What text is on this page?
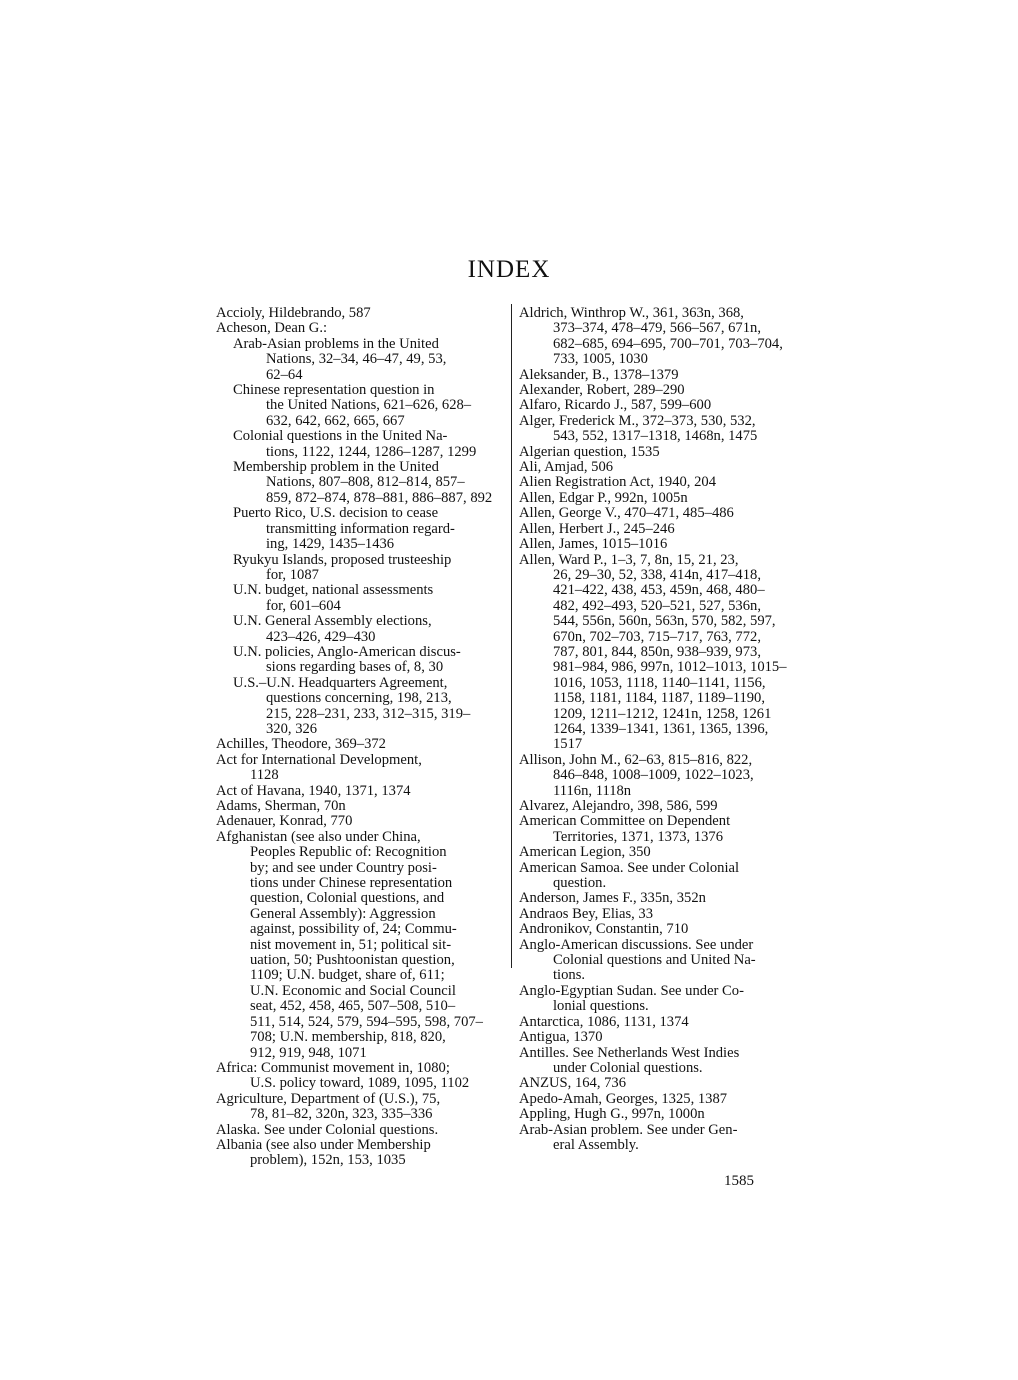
INDEX
Accioly, Hildebrando, 587
Acheson, Dean G.:
Arab-Asian problems in the United
Nations, 32–34, 46–47, 49, 53,
62–64
Chinese representation question in
the United Nations, 621–626, 628–
632, 642, 662, 665, 667
Colonial questions in the United Na-
tions, 1122, 1244, 1286–1287, 1299
Membership problem in the United
Nations, 807–808, 812–814, 857–
859, 872–874, 878–881, 886–887, 892
Puerto Rico, U.S. decision to cease
transmitting information regard-
ing, 1429, 1435–1436
Ryukyu Islands, proposed trusteeship
for, 1087
U.N. budget, national assessments
for, 601–604
U.N. General Assembly elections,
423–426, 429–430
U.N. policies, Anglo-American discus-
sions regarding bases of, 8, 30
U.S.–U.N. Headquarters Agreement,
questions concerning, 198, 213,
215, 228–231, 233, 312–315, 319–
320, 326
Achilles, Theodore, 369–372
Act for International Development,
1128
Act of Havana, 1940, 1371, 1374
Adams, Sherman, 70n
Adenauer, Konrad, 770
Afghanistan (see also under China,
Peoples Republic of: Recognition
by; and see under Country posi-
tions under Chinese representation
question, Colonial questions, and
General Assembly): Aggression
against, possibility of, 24; Commu-
nist movement in, 51; political sit-
uation, 50; Pushtoonistan question,
1109; U.N. budget, share of, 611;
U.N. Economic and Social Council
seat, 452, 458, 465, 507–508, 510–
511, 514, 524, 579, 594–595, 598, 707–
708; U.N. membership, 818, 820,
912, 919, 948, 1071
Africa: Communist movement in, 1080;
U.S. policy toward, 1089, 1095, 1102
Agriculture, Department of (U.S.), 75,
78, 81–82, 320n, 323, 335–336
Alaska. See under Colonial questions.
Albania (see also under Membership
problem), 152n, 153, 1035
Aldrich, Winthrop W., 361, 363n, 368,
373–374, 478–479, 566–567, 671n,
682–685, 694–695, 700–701, 703–704,
733, 1005, 1030
Aleksander, B., 1378–1379
Alexander, Robert, 289–290
Alfaro, Ricardo J., 587, 599–600
Alger, Frederick M., 372–373, 530, 532,
543, 552, 1317–1318, 1468n, 1475
Algerian question, 1535
Ali, Amjad, 506
Alien Registration Act, 1940, 204
Allen, Edgar P., 992n, 1005n
Allen, George V., 470–471, 485–486
Allen, Herbert J., 245–246
Allen, James, 1015–1016
Allen, Ward P., 1–3, 7, 8n, 15, 21, 23,
26, 29–30, 52, 338, 414n, 417–418,
421–422, 438, 453, 459n, 468, 480–
482, 492–493, 520–521, 527, 536n,
544, 556n, 560n, 563n, 570, 582, 597,
670n, 702–703, 715–717, 763, 772,
787, 801, 844, 850n, 938–939, 973,
981–984, 986, 997n, 1012–1013, 1015–
1016, 1053, 1118, 1140–1141, 1156,
1158, 1181, 1184, 1187, 1189–1190,
1209, 1211–1212, 1241n, 1258, 1261
1264, 1339–1341, 1361, 1365, 1396,
1517
Allison, John M., 62–63, 815–816, 822,
846–848, 1008–1009, 1022–1023,
1116n, 1118n
Alvarez, Alejandro, 398, 586, 599
American Committee on Dependent
Territories, 1371, 1373, 1376
American Legion, 350
American Samoa. See under Colonial
question.
Anderson, James F., 335n, 352n
Andraos Bey, Elias, 33
Andronikov, Constantin, 710
Anglo-American discussions. See under
Colonial questions and United Na-
tions.
Anglo-Egyptian Sudan. See under Co-
lonial questions.
Antarctica, 1086, 1131, 1374
Antigua, 1370
Antilles. See Netherlands West Indies
under Colonial questions.
ANZUS, 164, 736
Apedo-Amah, Georges, 1325, 1387
Appling, Hugh G., 997n, 1000n
Arab-Asian problem. See under Gen-
eral Assembly.
1585
